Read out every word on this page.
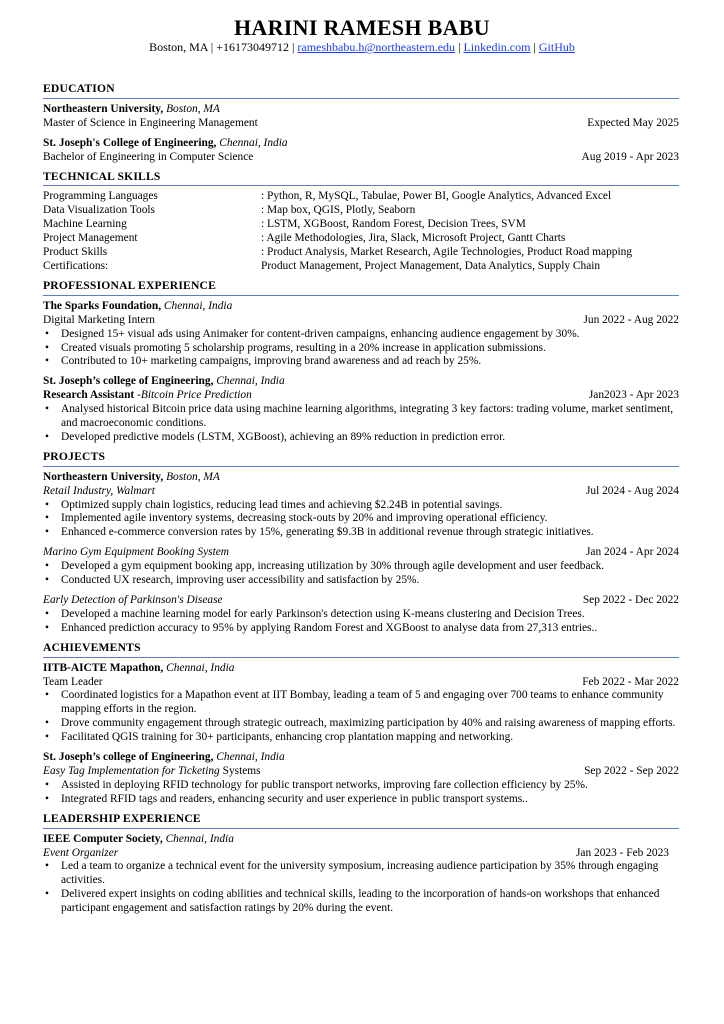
HARINI RAMESH BABU
Boston, MA | +16173049712 | rameshbabu.h@northeastern.edu | Linkedin.com | GitHub
EDUCATION
Northeastern University, Boston, MA
Master of Science in Engineering Management	Expected May 2025
St. Joseph's College of Engineering, Chennai, India
Bachelor of Engineering in Computer Science	Aug 2019 - Apr 2023
TECHNICAL SKILLS
Programming Languages	: Python, R, MySQL, Tabulae, Power BI, Google Analytics, Advanced Excel
Data Visualization Tools	: Map box, QGIS, Plotly, Seaborn
Machine Learning	: LSTM, XGBoost, Random Forest, Decision Trees, SVM
Project Management	: Agile Methodologies, Jira, Slack, Microsoft Project, Gantt Charts
Product Skills	: Product Analysis, Market Research, Agile Technologies, Product Road mapping
Certifications:	Product Management, Project Management, Data Analytics, Supply Chain
PROFESSIONAL EXPERIENCE
The Sparks Foundation, Chennai, India
Digital Marketing Intern	Jun 2022 - Aug 2022
• Designed 15+ visual ads using Animaker for content-driven campaigns, enhancing audience engagement by 30%.
• Created visuals promoting 5 scholarship programs, resulting in a 20% increase in application submissions.
• Contributed to 10+ marketing campaigns, improving brand awareness and ad reach by 25%.
St. Joseph’s college of Engineering, Chennai, India
Research Assistant -Bitcoin Price Prediction	Jan2023 - Apr 2023
• Analysed historical Bitcoin price data using machine learning algorithms, integrating 3 key factors: trading volume, market sentiment, and macroeconomic conditions.
• Developed predictive models (LSTM, XGBoost), achieving an 89% reduction in prediction error.
PROJECTS
Northeastern University, Boston, MA
Retail Industry, Walmart	Jul 2024 - Aug 2024
• Optimized supply chain logistics, reducing lead times and achieving $2.24B in potential savings.
• Implemented agile inventory systems, decreasing stock-outs by 20% and improving operational efficiency.
• Enhanced e-commerce conversion rates by 15%, generating $9.3B in additional revenue through strategic initiatives.
Marino Gym Equipment Booking System	Jan 2024 - Apr 2024
• Developed a gym equipment booking app, increasing utilization by 30% through agile development and user feedback.
• Conducted UX research, improving user accessibility and satisfaction by 25%.
Early Detection of Parkinson's Disease	Sep 2022 - Dec 2022
• Developed a machine learning model for early Parkinson's detection using K-means clustering and Decision Trees.
• Enhanced prediction accuracy to 95% by applying Random Forest and XGBoost to analyse data from 27,313 entries..
ACHIEVEMENTS
IITB-AICTE Mapathon, Chennai, India
Team Leader	Feb 2022 - Mar 2022
• Coordinated logistics for a Mapathon event at IIT Bombay, leading a team of 5 and engaging over 700 teams to enhance community mapping efforts in the region.
• Drove community engagement through strategic outreach, maximizing participation by 40% and raising awareness of mapping efforts.
• Facilitated QGIS training for 30+ participants, enhancing crop plantation mapping and networking.
St. Joseph’s college of Engineering, Chennai, India
Easy Tag Implementation for Ticketing Systems	Sep 2022 - Sep 2022
• Assisted in deploying RFID technology for public transport networks, improving fare collection efficiency by 25%.
• Integrated RFID tags and readers, enhancing security and user experience in public transport systems..
LEADERSHIP EXPERIENCE
IEEE Computer Society, Chennai, India
Event Organizer	Jan 2023 - Feb 2023
• Led a team to organize a technical event for the university symposium, increasing audience participation by 35% through engaging activities.
• Delivered expert insights on coding abilities and technical skills, leading to the incorporation of hands-on workshops that enhanced participant engagement and satisfaction ratings by 20% during the event.
